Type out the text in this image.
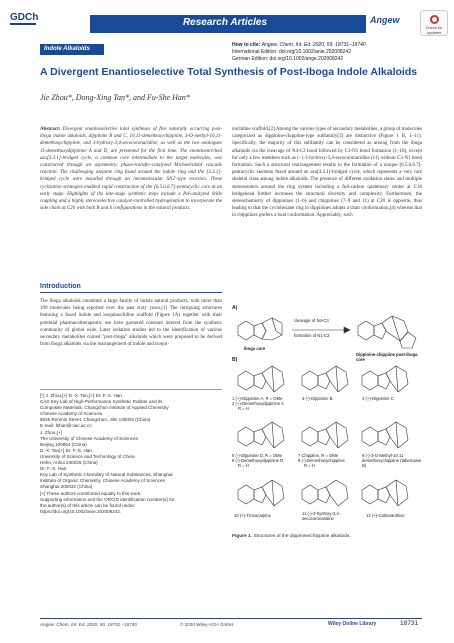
GDCh	Research Articles	Angew
Check for updates
Indole Alkaloids
How to cite: Angew. Chem. Int. Ed. 2020, 59, 18731–18740
International Edition: doi.org/10.1002/anie.202008242
German Edition: doi.org/10.1002/ange.202008242
A Divergent Enantioselective Total Synthesis of Post-Iboga Indole Alkaloids
Jie Zhou*, Dong-Xing Tan*, and Fu-She Han*
Abstract: Divergent enantioselective total syntheses of five naturally occurring post-iboga indole alkaloids, dippinine B and C, 10,11-demethoxychippiine, 3-O-methyl-10,11-demethoxychippiine, and 3-hydroxy-3,4-secocoronaridine, as well as the two analogues 11-demethoxydippinine A and D, are presented for the first time. The enantioenriched aza[3.3.1]-bridged cycle, a common core intermediate to the target molecules, was constructed through an asymmetric phase-transfer-catalyzed Michael/aldol cascade reaction. The challenging azepane ring fused around the indole ring and the [3.3.1]-bridged cycle were installed through an intramolecular SN2'-type reaction. These cyclization strategies enabled rapid construction of the [6.5.6.6.7]-pentacyclic core at an early stage. Highlights of the late-stage synthetic steps include a Pd-catalyzed Stille coupling and a highly stereoselective catalyst-controlled hydrogenation to incorporate the side chain at C20 with both R and S configurations in the natural products.
Introduction
The iboga alkaloids constitute a large family of indole natural products, with more than 100 molecules being reported over the past sixty years.[1] The intriguing structures featuring a fused indole and isoquinuclidine scaffold (Figure 1A) together with their potential pharmacotherapeutic use have garnered constant interest from the synthetic community of global wide. Later isolation studies led to the identification of various secondary metabolites coined "post-iboga" alkaloids which were proposed to be derived from iboga alkaloids via the rearrangement of indole and isoqui-
nuclidine scaffold.[2] Among the various types of secondary metabolites, a group of molecules categorized as dippinine-chippiine-type subfamily[3] are distinctive (Figure 1 B, 1–11). Specifically, the majority of this subfamily can be considered as arising from the iboga alkaloids via the cleavage of N4-C3 bond followed by C3-N1 bond formation (1–10), except for only a few members such as (−)-3-hydroxy-3,4-secocoronaridine (11) without C3-N1 bond formation. Such a structural rearrangement results in the formation of a unique [6.5.6.6.7]-pentacyclic skeleton fused around an aza[3.3.1]-bridged cycle, which represents a very rare skeletal class among indole alkaloids. The presence of different oxidation states and multiple stereocenters around the ring system including a full-carbon quaternary center at C16 bridgehead further increases the structural diversity and complexity. Furthermore, the stereochemistry of dippinines (1–6) and chippiines (7–9 and 11) at C20 is opposite, thus leading to that the cyclohexane ring in dippinines adopts a chair conformation,[4] whereas that in chippiines prefers a boat conformation. Appreciably, such

[*] J. Zhou,[+] D.-X. Tan,[+] Dr. F.-S. Han

CAS Key Lab of High-Performance Synthetic Rubber and its

Composite Materials, Changchun Institute of Applied Chemistry

Chinese Academy of Sciences

5625 Renmin Street, Changchun, Jilin 130022 (China)

E-mail: fshan@ciac.ac.cn

J. Zhou,[+]

The University of Chinese Academy of Sciences

Beijing 100864 (China)

D.-X. Tan[+] Dr. F.-S. Han

University of Science and Technology of China

Hefei, Anhui 230026 (China)

Dr. F.-S. Han

Key Lab of Synthetic Chemistry of Natural Substances, Shanghai

Institute of Organic Chemistry, Chinese Academy of Sciences

Shanghai 200032 (China)

[+] These authors contributed equally to this work.

Supporting information and the ORCID identification number(s) for

the author(s) of this article can be found under:

https://doi.org/10.1002/anie.202008242.

A)
cleavage of N4-C3
formation of N1-C3
iboga core
Dippinine-chippiine post-iboga core
B)
1 (+)-Dippinine A, R = OMe
2 (+)-Demethoxydippinine A
R = H
3 (-)-Dippinine B	4 (+)-Dippinine C
5 (-)-Dippinine D, R = OMe
6 (-)-Demethoxydippinine D
R = H
7 Chippiine, R = OMe
8 (-)-Demethoxychippiine
R = H
9 (-)-3-O-Methyl-10,11 demethoxychippiine (tabernaine B)
10 (+)-Tronocarpine	11 (-)-3-hydroxy-3,4-secocoronaridine
12 (+)-Catharanthine
Figure 1. Structures of the dippinine/chippiine alkaloids.
Angew. Chem. Int. Ed. 2020, 59, 18731 –18740	© 2020 Wiley-VCH GmbH	Wiley Online Library	18731
